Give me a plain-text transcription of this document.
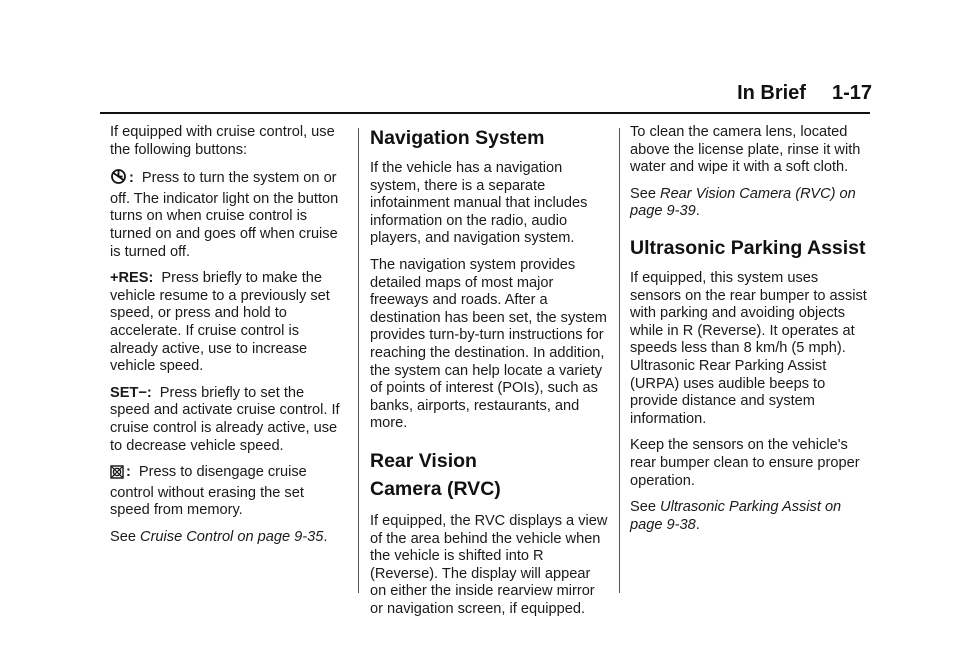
In Brief 1-17

If equipped with cruise control, use the following buttons:

: Press to turn the system on or off. The indicator light on the button turns on when cruise control is turned on and goes off when cruise is turned off.

+RES: Press briefly to make the vehicle resume to a previously set speed, or press and hold to accelerate. If cruise control is already active, use to increase vehicle speed.

SET−: Press briefly to set the speed and activate cruise control. If cruise control is already active, use to decrease vehicle speed.

: Press to disengage cruise control without erasing the set speed from memory.

See Cruise Control on page 9-35.

Navigation System

If the vehicle has a navigation system, there is a separate infotainment manual that includes information on the radio, audio players, and navigation system.

The navigation system provides detailed maps of most major freeways and roads. After a destination has been set, the system provides turn-by-turn instructions for reaching the destination. In addition, the system can help locate a variety of points of interest (POIs), such as banks, airports, restaurants, and more.

Rear Vision
Camera (RVC)

If equipped, the RVC displays a view of the area behind the vehicle when the vehicle is shifted into R (Reverse). The display will appear on either the inside rearview mirror or navigation screen, if equipped.

To clean the camera lens, located above the license plate, rinse it with water and wipe it with a soft cloth.

See Rear Vision Camera (RVC) on page 9-39.

Ultrasonic Parking Assist

If equipped, this system uses sensors on the rear bumper to assist with parking and avoiding objects while in R (Reverse). It operates at speeds less than 8 km/h (5 mph). Ultrasonic Rear Parking Assist (URPA) uses audible beeps to provide distance and system information.

Keep the sensors on the vehicle's rear bumper clean to ensure proper operation.

See Ultrasonic Parking Assist on page 9-38.
